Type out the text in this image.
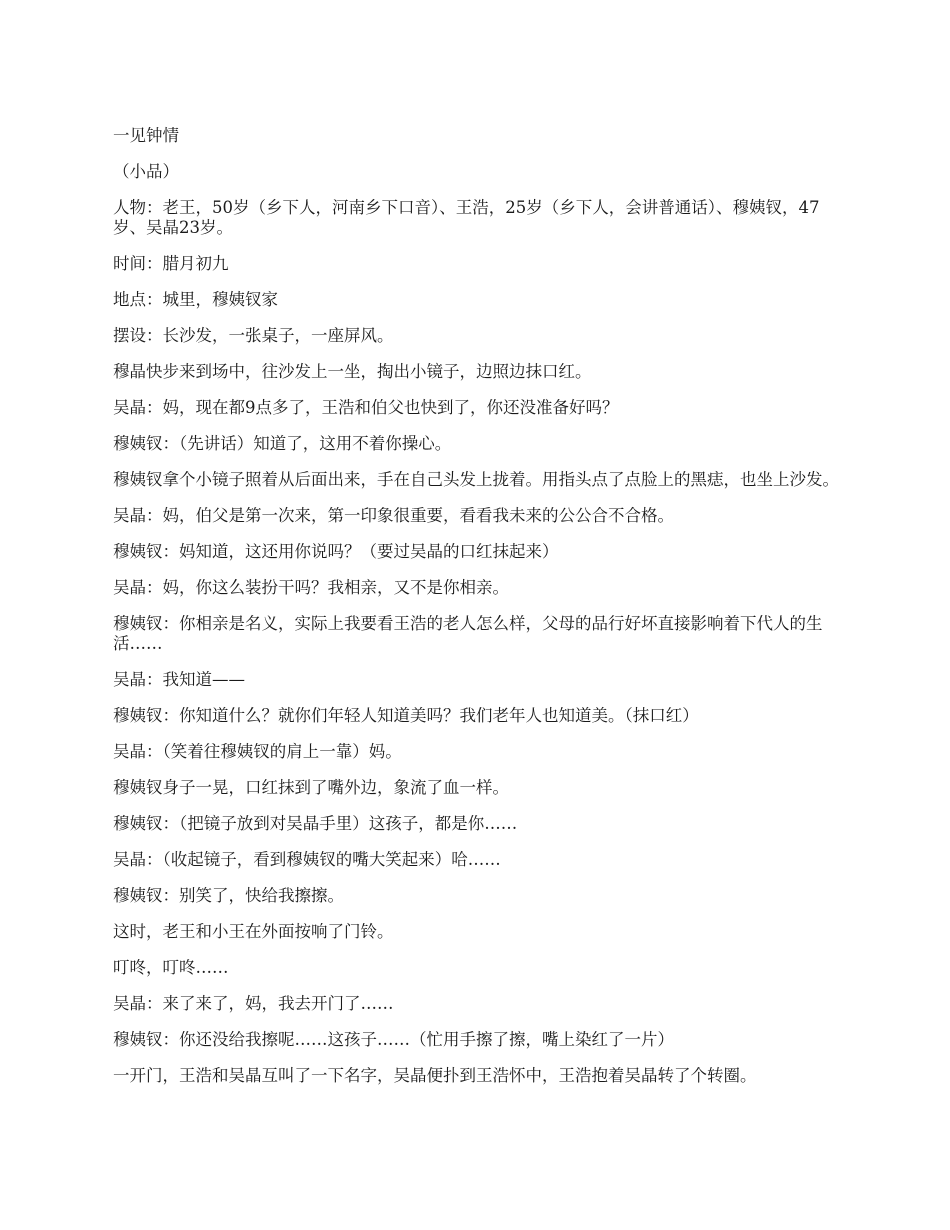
一见钟情

（小品）

人物：老王，50岁（乡下人，河南乡下口音）、王浩，25岁（乡下人，会讲普通话）、穆姨钗，47岁、吴晶23岁。

时间：腊月初九

地点：城里，穆姨钗家

摆设：长沙发，一张桌子，一座屏风。

穆晶快步来到场中，往沙发上一坐，掏出小镜子，边照边抹口红。

吴晶：妈，现在都9点多了，王浩和伯父也快到了，你还没准备好吗？

穆姨钗：（先讲话）知道了，这用不着你操心。

穆姨钗拿个小镜子照着从后面出来，手在自己头发上拢着。用指头点了点脸上的黑痣，也坐上沙发。

吴晶：妈，伯父是第一次来，第一印象很重要，看看我未来的公公合不合格。

穆姨钗：妈知道，这还用你说吗？（要过吴晶的口红抹起来）

吴晶：妈，你这么装扮干吗？我相亲，又不是你相亲。

穆姨钗：你相亲是名义，实际上我要看王浩的老人怎么样，父母的品行好坏直接影响着下代人的生活……

吴晶：我知道——

穆姨钗：你知道什么？就你们年轻人知道美吗？我们老年人也知道美。（抹口红）

吴晶：（笑着往穆姨钗的肩上一靠）妈。

穆姨钗身子一晃，口红抹到了嘴外边，象流了血一样。

穆姨钗：（把镜子放到对吴晶手里）这孩子，都是你……

吴晶：（收起镜子，看到穆姨钗的嘴大笑起来）哈……

穆姨钗：别笑了，快给我擦擦。

这时，老王和小王在外面按响了门铃。

叮咚，叮咚……

吴晶：来了来了，妈，我去开门了……

穆姨钗：你还没给我擦呢……这孩子……（忙用手擦了擦，嘴上染红了一片）

一开门，王浩和吴晶互叫了一下名字，吴晶便扑到王浩怀中，王浩抱着吴晶转了个转圈。
